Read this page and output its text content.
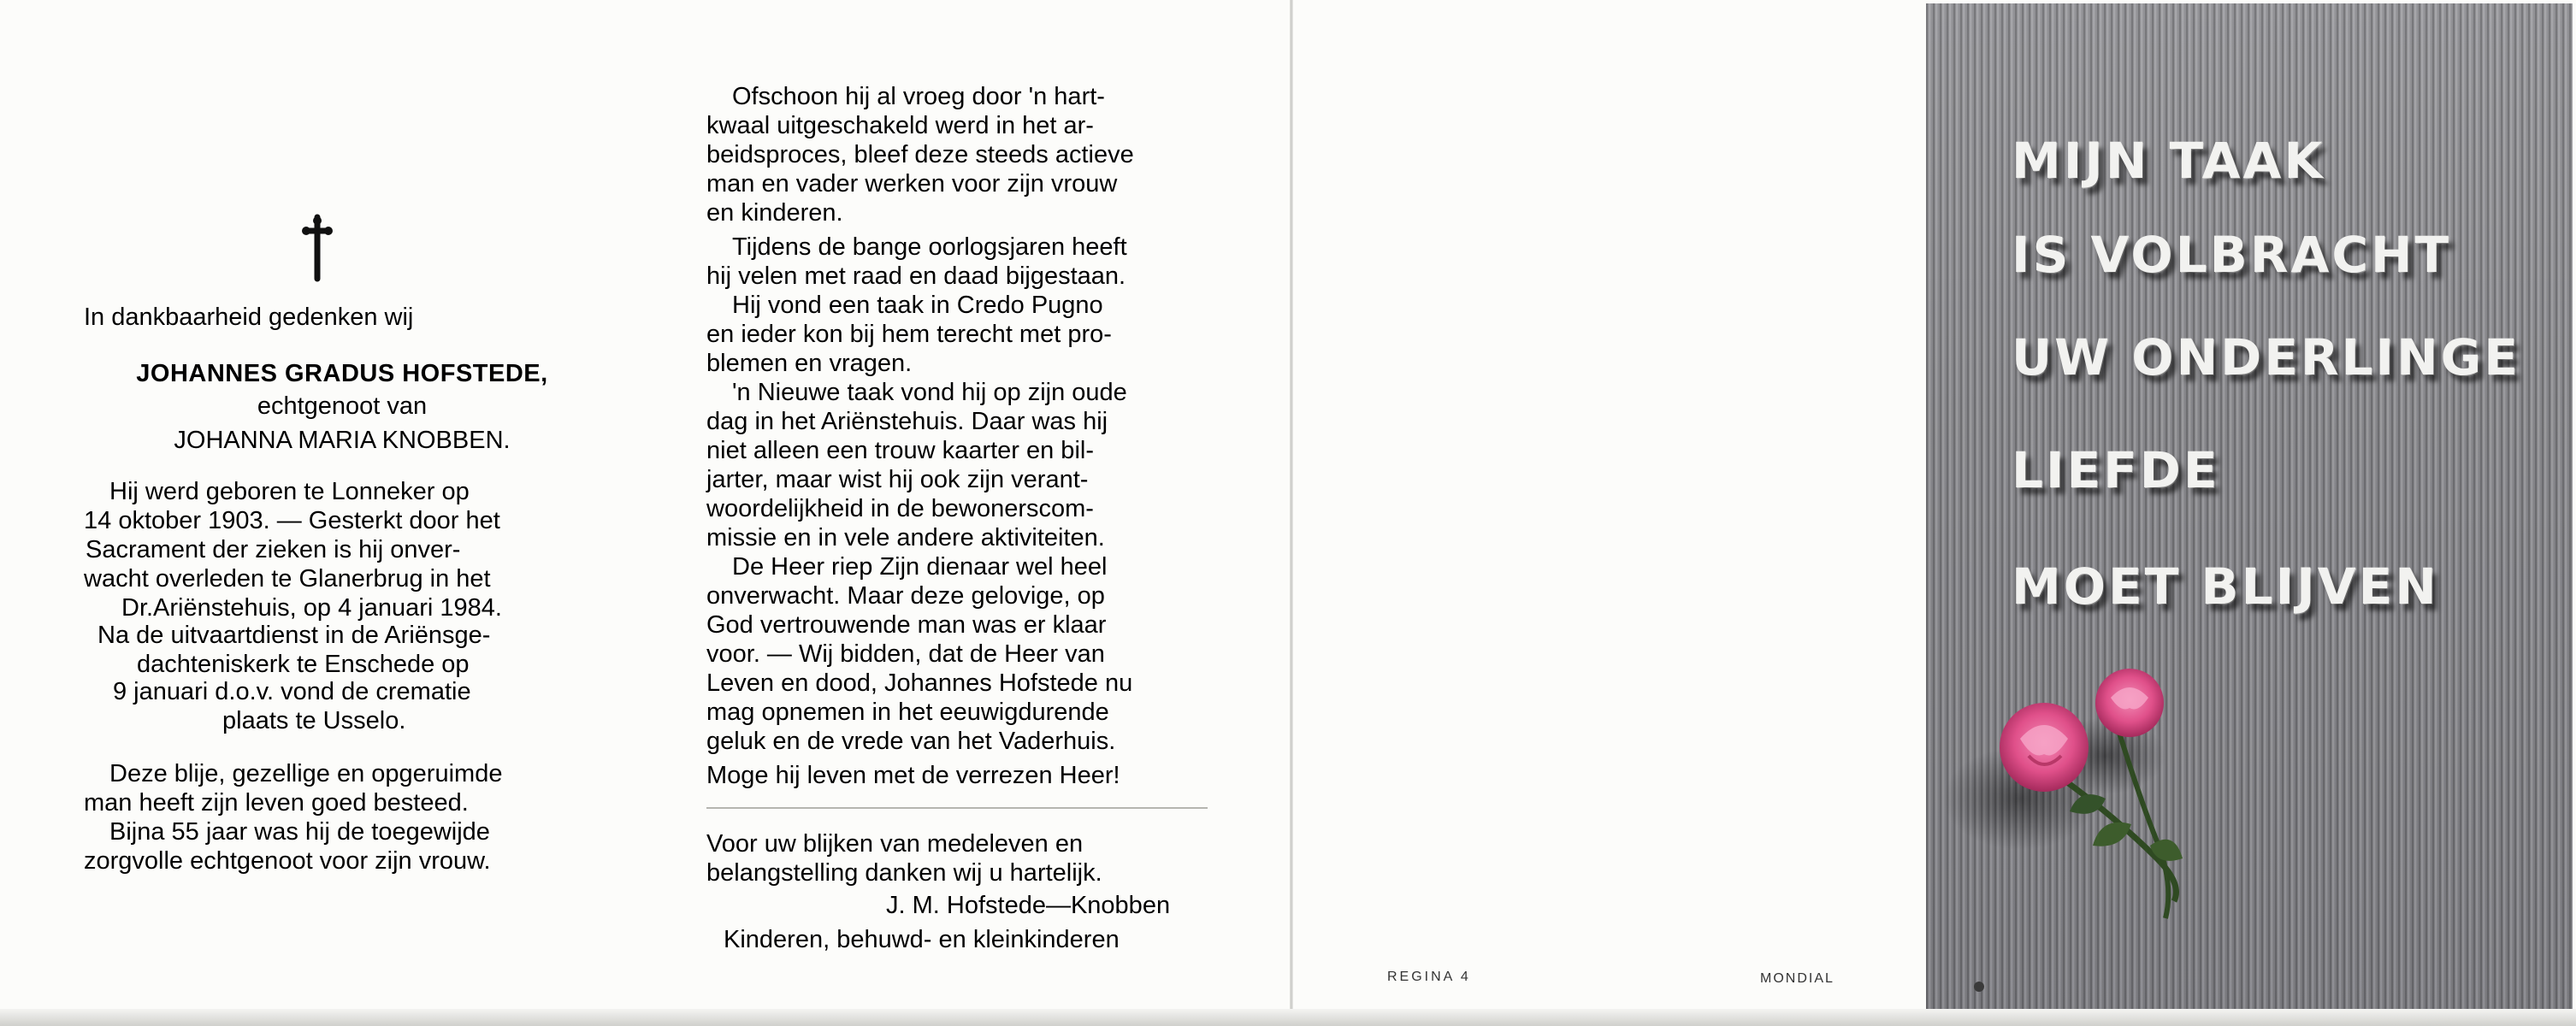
In dankbaarheid gedenken wij
JOHANNES GRADUS HOFSTEDE,
echtgenoot van
JOHANNA MARIA KNOBBEN.
Hij werd geboren te Lonneker op
14 oktober 1903. — Gesterkt door het
Sacrament der zieken is hij onver-
wacht overleden te Glanerbrug in het
Dr.Ariënstehuis, op 4 januari 1984.
Na de uitvaartdienst in de Ariënsge-
dachteniskerk te Enschede op
9 januari d.o.v. vond de crematie
plaats te Usselo.
Deze blije, gezellige en opgeruimde
man heeft zijn leven goed besteed.
Bijna 55 jaar was hij de toegewijde
zorgvolle echtgenoot voor zijn vrouw.
Ofschoon hij al vroeg door 'n hart-
kwaal uitgeschakeld werd in het ar-
beidsproces, bleef deze steeds actieve
man en vader werken voor zijn vrouw
en kinderen.
Tijdens de bange oorlogsjaren heeft
hij velen met raad en daad bijgestaan.
Hij vond een taak in Credo Pugno
en ieder kon bij hem terecht met pro-
blemen en vragen.
'n Nieuwe taak vond hij op zijn oude
dag in het Ariënstehuis. Daar was hij
niet alleen een trouw kaarter en bil-
jarter, maar wist hij ook zijn verant-
woordelijkheid in de bewonerscom-
missie en in vele andere aktiviteiten.
De Heer riep Zijn dienaar wel heel
onverwacht. Maar deze gelovige, op
God vertrouwende man was er klaar
voor. — Wij bidden, dat de Heer van
Leven en dood, Johannes Hofstede nu
mag opnemen in het eeuwigdurende
geluk en de vrede van het Vaderhuis.
Moge hij leven met de verrezen Heer!
Voor uw blijken van medeleven en
belangstelling danken wij u hartelijk.
J. M. Hofstede—Knobben
Kinderen, behuwd- en kleinkinderen
REGINA 4	MONDIAL
MIJN TAAK
IS VOLBRACHT
UW ONDERLINGE
LIEFDE
MOET BLIJVEN
